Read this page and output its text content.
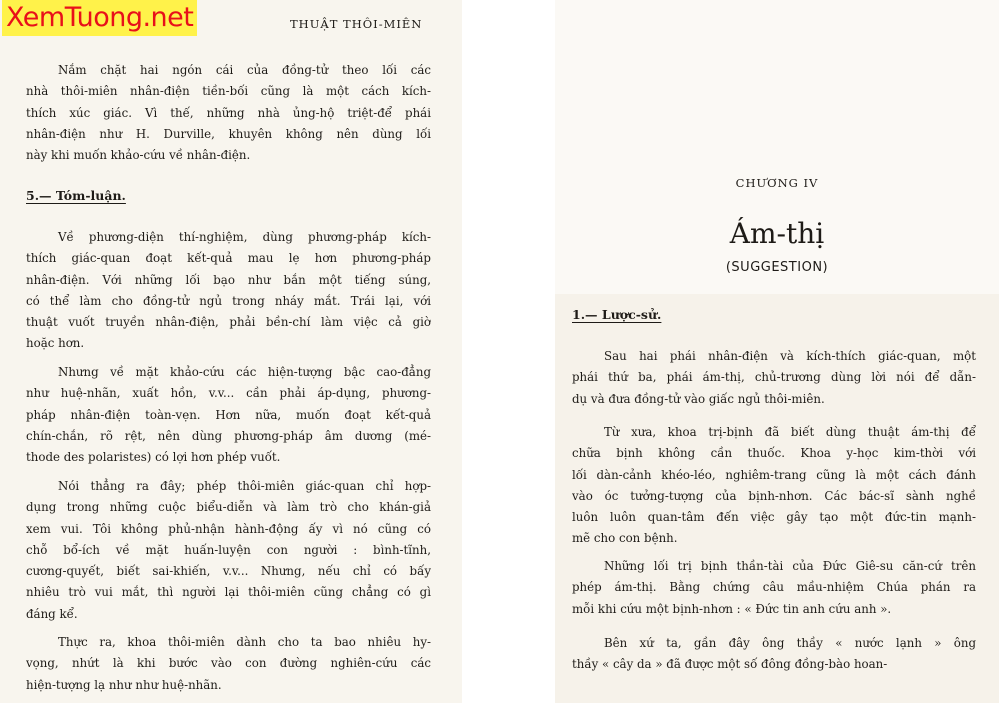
XemTuong.net	THUẬT THÔI-MIÊN

Nắm chặt hai ngón cái của đồng-tử theo lối các
nhà thôi-miên nhân-điện tiền-bối cũng là một cách kích-
thích xúc giác. Vì thế, những nhà ủng-hộ triệt-để phái
nhân-điện như H. Durville, khuyên không nên dùng lối
này khi muốn khảo-cứu về nhân-điện.

5.— Tóm-luận.

Về phương-diện thí-nghiệm, dùng phương-pháp kích-
thích giác-quan đoạt kết-quả mau lẹ hơn phương-pháp
nhân-điện. Với những lối bạo như bắn một tiếng súng,
có thể làm cho đồng-tử ngủ trong nháy mắt. Trái lại, với
thuật vuốt truyền nhân-điện, phải bền-chí làm việc cả giờ
hoặc hơn.

Nhưng về mặt khảo-cứu các hiện-tượng bậc cao-đẳng
như huệ-nhãn, xuất hồn, v.v... cần phải áp-dụng, phương-
pháp nhân-điện toàn-vẹn. Hơn nữa, muốn đoạt kết-quả
chín-chắn, rõ rệt, nên dùng phương-pháp âm dương (mé-
thode des polaristes) có lợi hơn phép vuốt.

Nói thẳng ra đây; phép thôi-miên giác-quan chỉ hợp-
dụng trong những cuộc biểu-diễn và làm trò cho khán-giả
xem vui. Tôi không phủ-nhận hành-động ấy vì nó cũng có
chỗ bổ-ích về mặt huấn-luyện con người : bình-tĩnh,
cương-quyết, biết sai-khiến, v.v... Nhưng, nếu chỉ có bấy
nhiêu trò vui mắt, thì người lại thôi-miên cũng chẳng có gì
đáng kể.

Thực ra, khoa thôi-miên dành cho ta bao nhiêu hy-
vọng, nhứt là khi bước vào con đường nghiên-cứu các
hiện-tượng lạ như như huệ-nhãn.

CHƯƠNG IV
Ám-thị
(SUGGESTION)
1.— Lược-sử.

Sau hai phái nhân-điện và kích-thích giác-quan, một
phái thứ ba, phái ám-thị, chủ-trương dùng lời nói để dẫn-
dụ và đưa đồng-tử vào giấc ngủ thôi-miên.

Từ xưa, khoa trị-bịnh đã biết dùng thuật ám-thị để
chữa bịnh không cần thuốc. Khoa y-học kim-thời với
lối dàn-cảnh khéo-léo, nghiêm-trang cũng là một cách đánh
vào óc tưởng-tượng của bịnh-nhơn. Các bác-sĩ sành nghề
luôn luôn quan-tâm đến việc gây tạo một đức-tin mạnh-
mẽ cho con bệnh.

Những lối trị bịnh thần-tài của Đức Giê-su căn-cứ trên
phép ám-thị. Bằng chứng câu mầu-nhiệm Chúa phán ra
mỗi khi cứu một bịnh-nhơn : « Đức tin anh cứu anh ».

Bên xứ ta, gần đây ông thầy « nước lạnh » ông
thầy « cây da » đã được một số đông đồng-bào hoan-
